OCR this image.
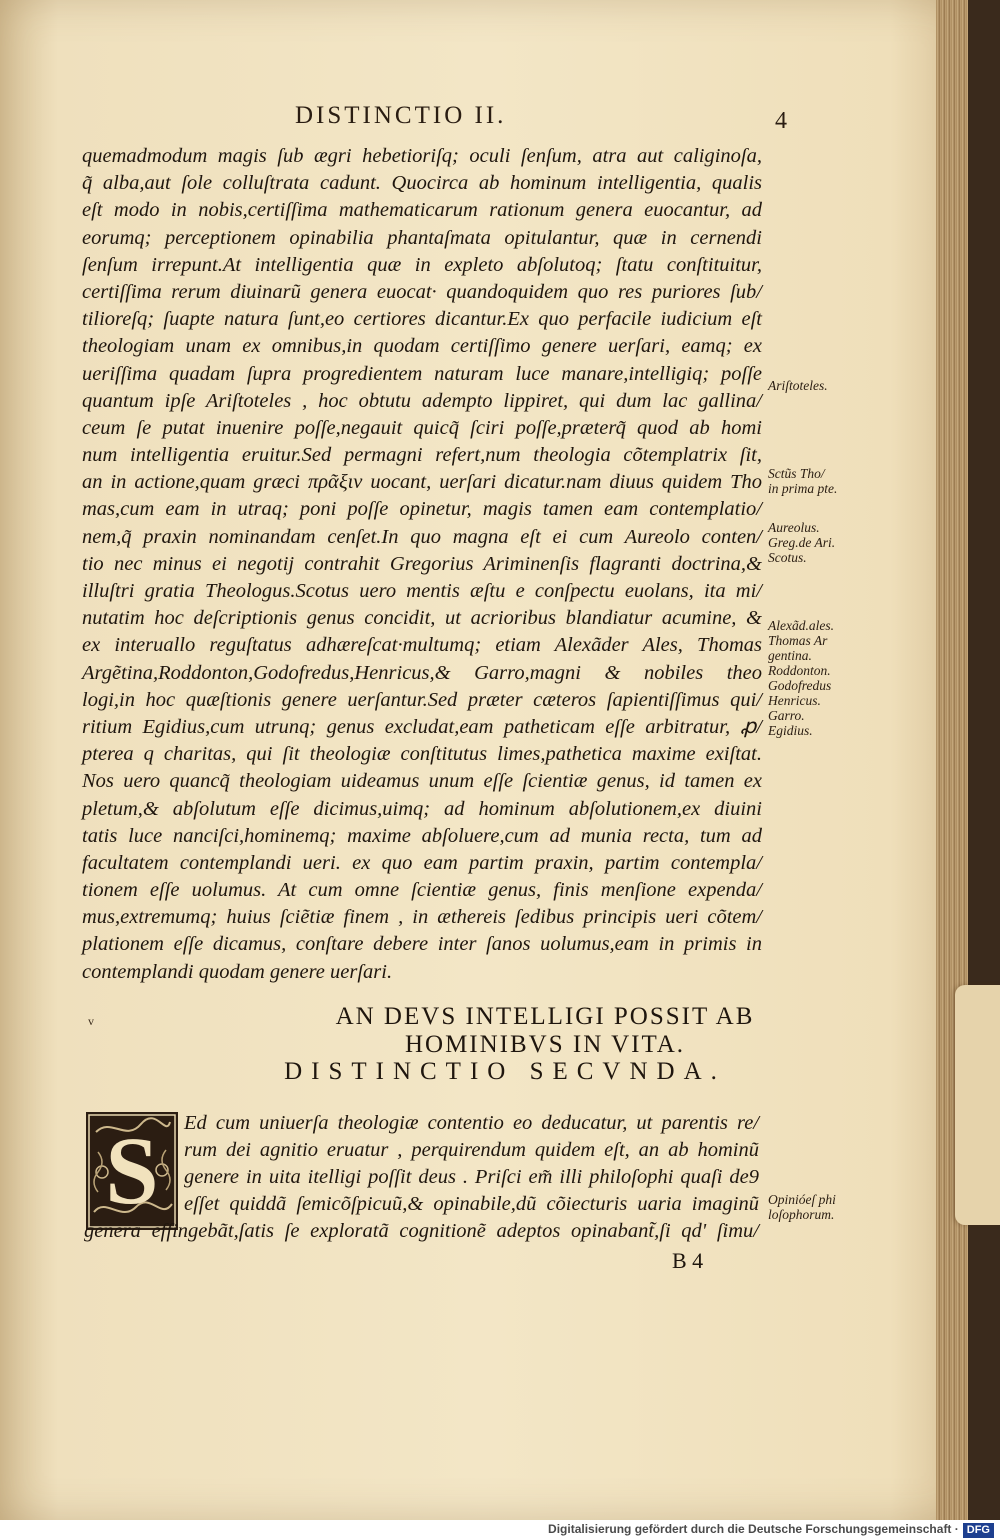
DISTINCTIO II.	4
quemadmodum magis ſub ægri hebetioriſq; oculi ſenſum, atra aut caliginoſa,
q̃ alba,aut ſole colluſtrata cadunt. Quocirca ab hominum intelligentia, qualis
eſt modo in nobis,certiſſima mathematicarum rationum genera euocantur, ad
eorumq; perceptionem opinabilia phantaſmata opitulantur, quæ in cernendi
ſenſum irrepunt.At intelligentia quæ in expleto abſolutoq; ſtatu conſtituitur,
certiſſima rerum diuinarũ genera euocat· quandoquidem quo res puriores ſub/
tilioreſq; ſuapte natura ſunt,eo certiores dicantur.Ex quo perfacile iudicium eſt
theologiam unam ex omnibus,in quodam certiſſimo genere uerſari, eamq; ex
ueriſſima quadam ſupra progredientem naturam luce manare,intelligiq; poſſe
quantum ipſe Ariſtoteles , hoc obtutu adempto lippiret, qui dum lac gallina/
ceum ſe putat inuenire poſſe,negauit quicq̃ ſciri poſſe,præterq̃ quod ab homi
num intelligentia eruitur.Sed permagni refert,num theologia cõtemplatrix ſit,
an in actione,quam græci πρᾶξιν uocant, uerſari dicatur.nam diuus quidem Tho
mas,cum eam in utraq; poni poſſe opinetur, magis tamen eam contemplatio/
nem,q̃ praxin nominandam cenſet.In quo magna eſt ei cum Aureolo conten/
tio nec minus ei negotij contrahit Gregorius Ariminenſis flagranti doctrina,&
illuſtri gratia Theologus.Scotus uero mentis æſtu e conſpectu euolans, ita mi/
nutatim hoc deſcriptionis genus concidit, ut acrioribus blandiatur acumine, &
ex interuallo reguſtatus adhæreſcat·multumq; etiam Alexãder Ales, Thomas
Argẽtina,Roddonton,Godofredus,Henricus,& Garro,magni & nobiles theo
logi,in hoc quæſtionis genere uerſantur.Sed præter cæteros ſapientiſſimus qui/
ritium Egidius,cum utrunq; genus excludat,eam patheticam eſſe arbitratur, ꝓ/
pterea q charitas, qui ſit theologiæ conſtitutus limes,pathetica maxime exiſtat.
Nos uero quancq̃ theologiam uideamus unum eſſe ſcientiæ genus, id tamen ex
pletum,& abſolutum eſſe dicimus,uimq; ad hominum abſolutionem,ex diuini
tatis luce nanciſci,hominemq; maxime abſoluere,cum ad munia recta, tum ad
facultatem contemplandi ueri. ex quo eam partim praxin, partim contempla/
tionem eſſe uolumus. At cum omne ſcientiæ genus, finis menſione expenda/
mus,extremumq; huius ſciẽtiæ finem , in æthereis ſedibus principis ueri cõtem/
plationem eſſe dicamus, conſtare debere inter ſanos uolumus,eam in primis in
contemplandi quodam genere uerſari.
Ariſtoteles.
Sctũs Tho/
in prima pte.
Aureolus.
Greg.de Ari.
Scotus.
Alexãd.ales.
Thomas Ar
gentina.
Roddonton.
Godofredus
Henricus.
Garro.
Egidius.
Opinióeſ phi
loſophorum.
v	AN DEVS INTELLIGI POSSIT AB
HOMINIBVS IN VITA.
DISTINCTIO SECVNDA.
S Ed cum uniuerſa theologiæ contentio eo deducatur, ut parentis re/
rum dei agnitio eruatur , perquirendum quidem eſt, an ab hominũ
genere in uita itelligi poſſit deus . Priſci em̃ illi philoſophi quaſi de9
eſſet quiddã ſemicõſpicuũ,& opinabile,dũ cõiecturis uaria imaginũ
genera effingebãt,ſatis ſe exploratã cognitionẽ adeptos opinabant̃,ſi qd' ſimu/
B 4
Digitalisierung gefördert durch die Deutsche Forschungsgemeinschaft · DFG
